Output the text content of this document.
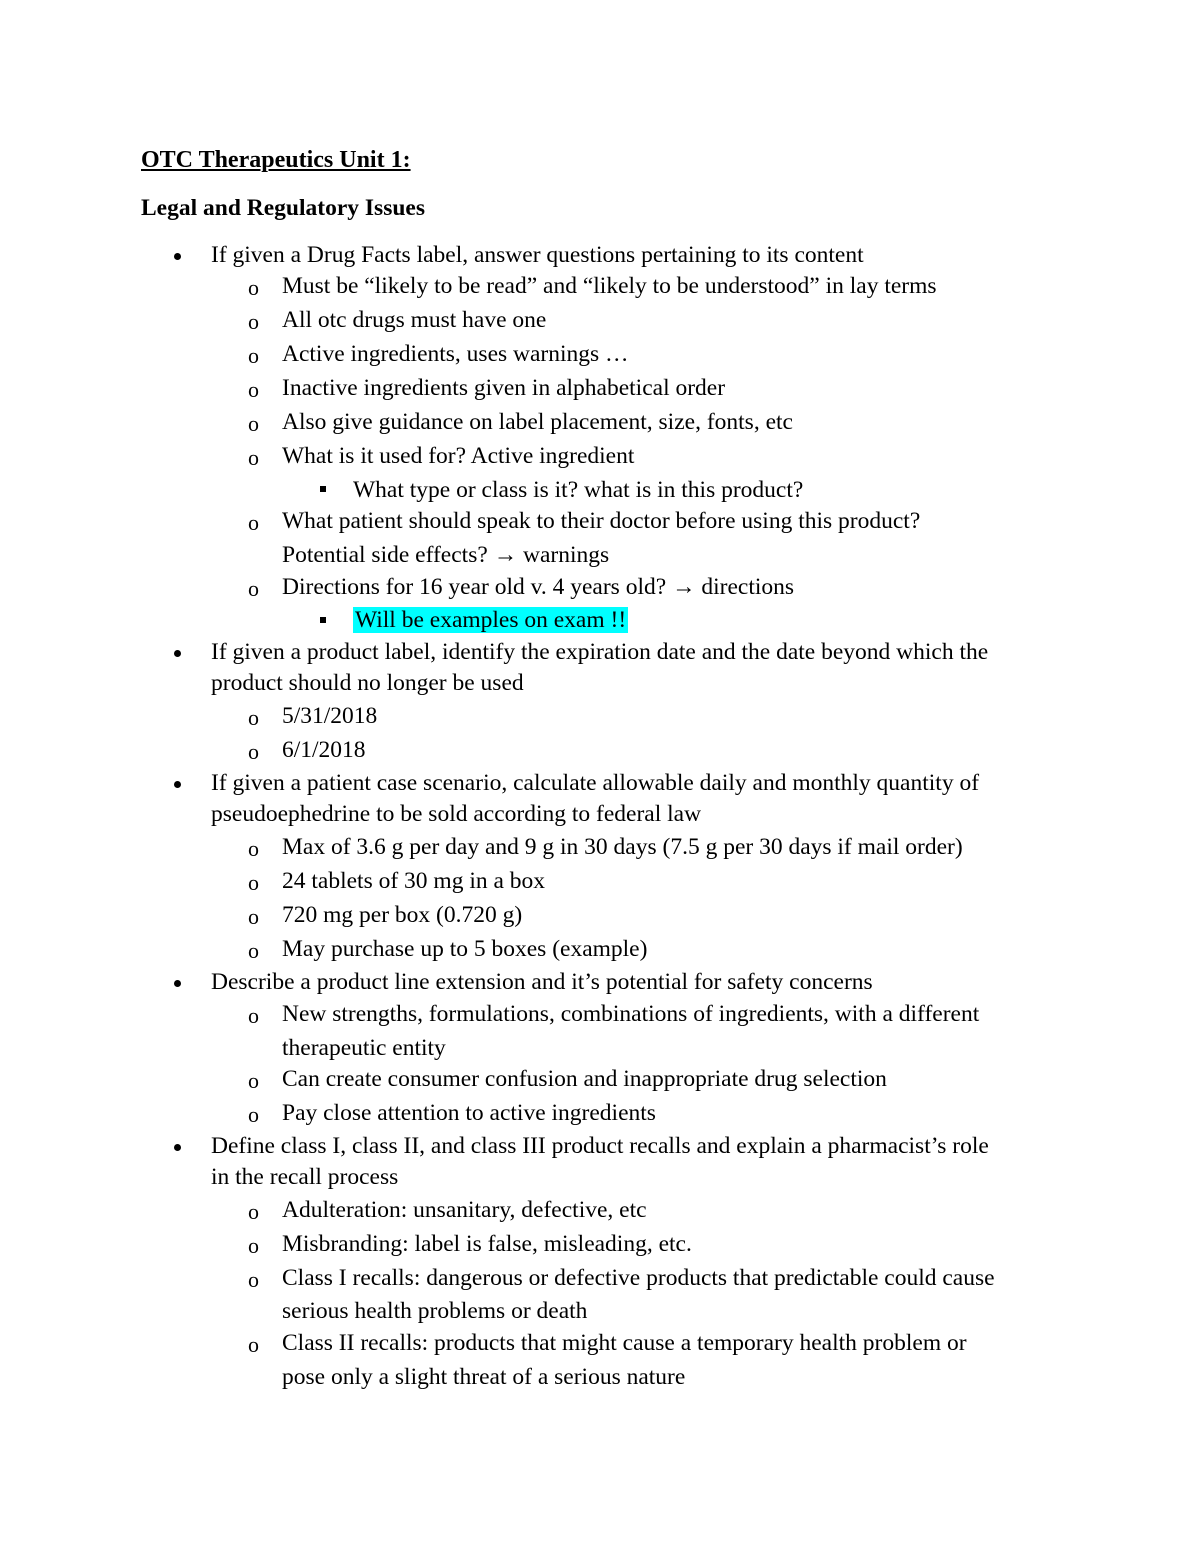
OTC Therapeutics Unit 1:
Legal and Regulatory Issues
If given a Drug Facts label, answer questions pertaining to its content
o Must be “likely to be read” and “likely to be understood” in lay terms
o All otc drugs must have one
o Active ingredients, uses warnings …
o Inactive ingredients given in alphabetical order
o Also give guidance on label placement, size, fonts, etc
o What is it used for? Active ingredient
What type or class is it? what is in this product?
o What patient should speak to their doctor before using this product?
Potential side effects? → warnings
o Directions for 16 year old v. 4 years old? → directions
Will be examples on exam !!
If given a product label, identify the expiration date and the date beyond which the
product should no longer be used
o 5/31/2018
o 6/1/2018
If given a patient case scenario, calculate allowable daily and monthly quantity of
pseudoephedrine to be sold according to federal law
o Max of 3.6 g per day and 9 g in 30 days (7.5 g per 30 days if mail order)
o 24 tablets of 30 mg in a box
o 720 mg per box (0.720 g)
o May purchase up to 5 boxes (example)
Describe a product line extension and it’s potential for safety concerns
o New strengths, formulations, combinations of ingredients, with a different
therapeutic entity
o Can create consumer confusion and inappropriate drug selection
o Pay close attention to active ingredients
Define class I, class II, and class III product recalls and explain a pharmacist’s role
in the recall process
o Adulteration: unsanitary, defective, etc
o Misbranding: label is false, misleading, etc.
o Class I recalls: dangerous or defective products that predictable could cause
serious health problems or death
o Class II recalls: products that might cause a temporary health problem or
pose only a slight threat of a serious nature
